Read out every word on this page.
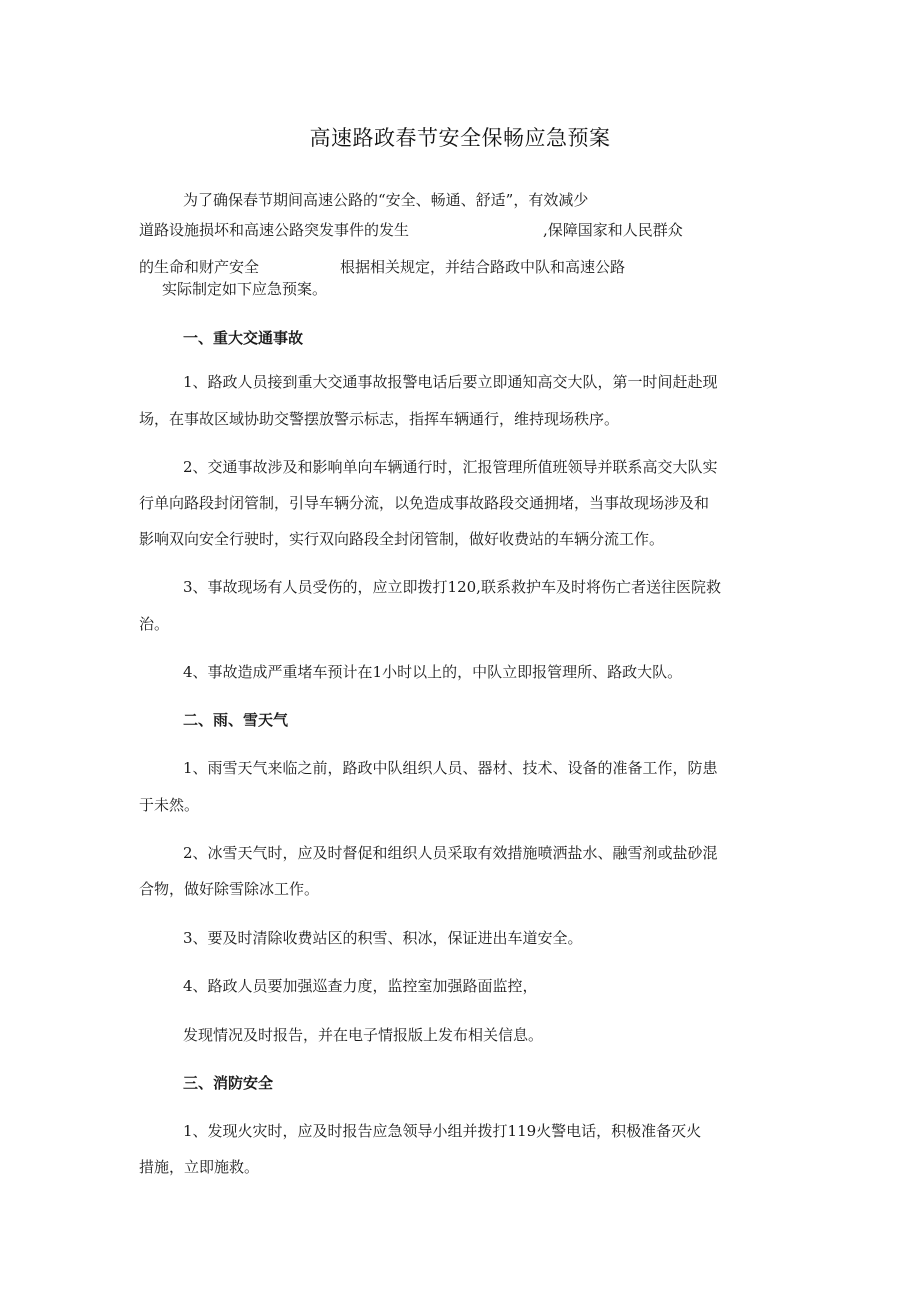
高速路政春节安全保畅应急预案
为了确保春节期间高速公路的“安全、畅通、舒适”，有效减少
道路设施损坏和高速公路突发事件的发生	,保障国家和人民群众
的生命和财产安全	根据相关规定，并结合路政中队和高速公路
实际制定如下应急预案。
一、重大交通事故
1、路政人员接到重大交通事故报警电话后要立即通知高交大队，第一时间赶赴现
场，在事故区域协助交警摆放警示标志，指挥车辆通行，维持现场秩序。
2、交通事故涉及和影响单向车辆通行时，汇报管理所值班领导并联系高交大队实
行单向路段封闭管制，引导车辆分流，以免造成事故路段交通拥堵，当事故现场涉及和
影响双向安全行驶时，实行双向路段全封闭管制，做好收费站的车辆分流工作。
3、事故现场有人员受伤的，应立即拨打120,联系救护车及时将伤亡者送往医院救
治。
4、事故造成严重堵车预计在1小时以上的，中队立即报管理所、路政大队。
二、雨、雪天气
1、雨雪天气来临之前，路政中队组织人员、器材、技术、设备的准备工作，防患
于未然。
2、冰雪天气时，应及时督促和组织人员采取有效措施喷洒盐水、融雪剂或盐砂混
合物，做好除雪除冰工作。
3、要及时清除收费站区的积雪、积冰，保证进出车道安全。
4、路政人员要加强巡查力度，监控室加强路面监控，
发现情况及时报告，并在电子情报版上发布相关信息。
三、消防安全
1、发现火灾时，应及时报告应急领导小组并拨打119火警电话，积极准备灭火
措施，立即施救。
